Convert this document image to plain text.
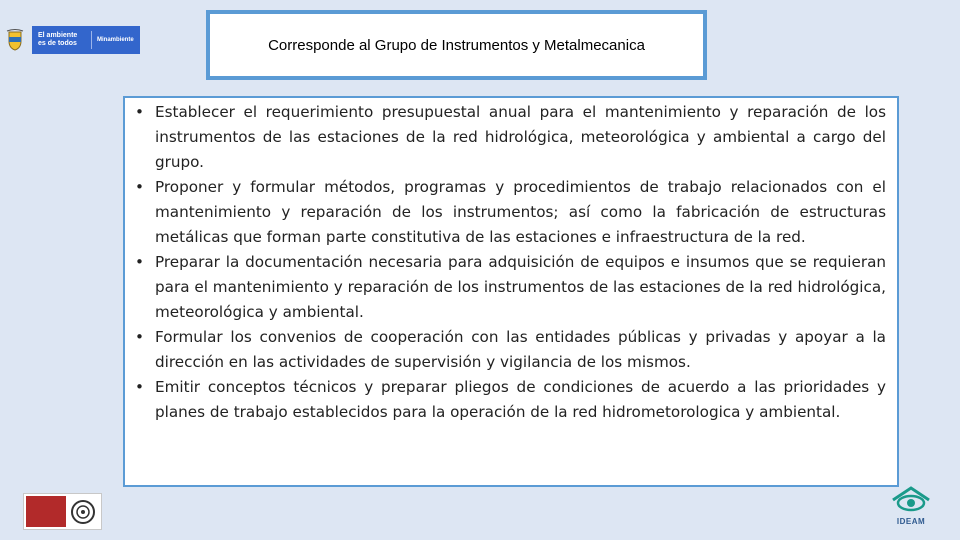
El ambiente es de todos	Minambiente	Corresponde al Grupo de Instrumentos y Metalmecanica
• Establecer el requerimiento presupuestal anual para el mantenimiento y reparación de los instrumentos de las estaciones de la red hidrológica, meteorológica y ambiental a cargo del grupo.
• Proponer y formular métodos, programas y procedimientos de trabajo relacionados con el mantenimiento y reparación de los instrumentos; así como la fabricación de estructuras metálicas que forman parte constitutiva de las estaciones e infraestructura de la red.
• Preparar la documentación necesaria para adquisición de equipos e insumos que se requieran para el mantenimiento y reparación de los instrumentos de las estaciones de la red hidrológica, meteorológica y ambiental.
• Formular los convenios de cooperación con las entidades públicas y privadas y apoyar a la dirección en las actividades de supervisión y vigilancia de los mismos.
• Emitir conceptos técnicos y preparar pliegos de condiciones de acuerdo a las prioridades y planes de trabajo establecidos para la operación de la red hidrometorologica y ambiental.
IDEAM
